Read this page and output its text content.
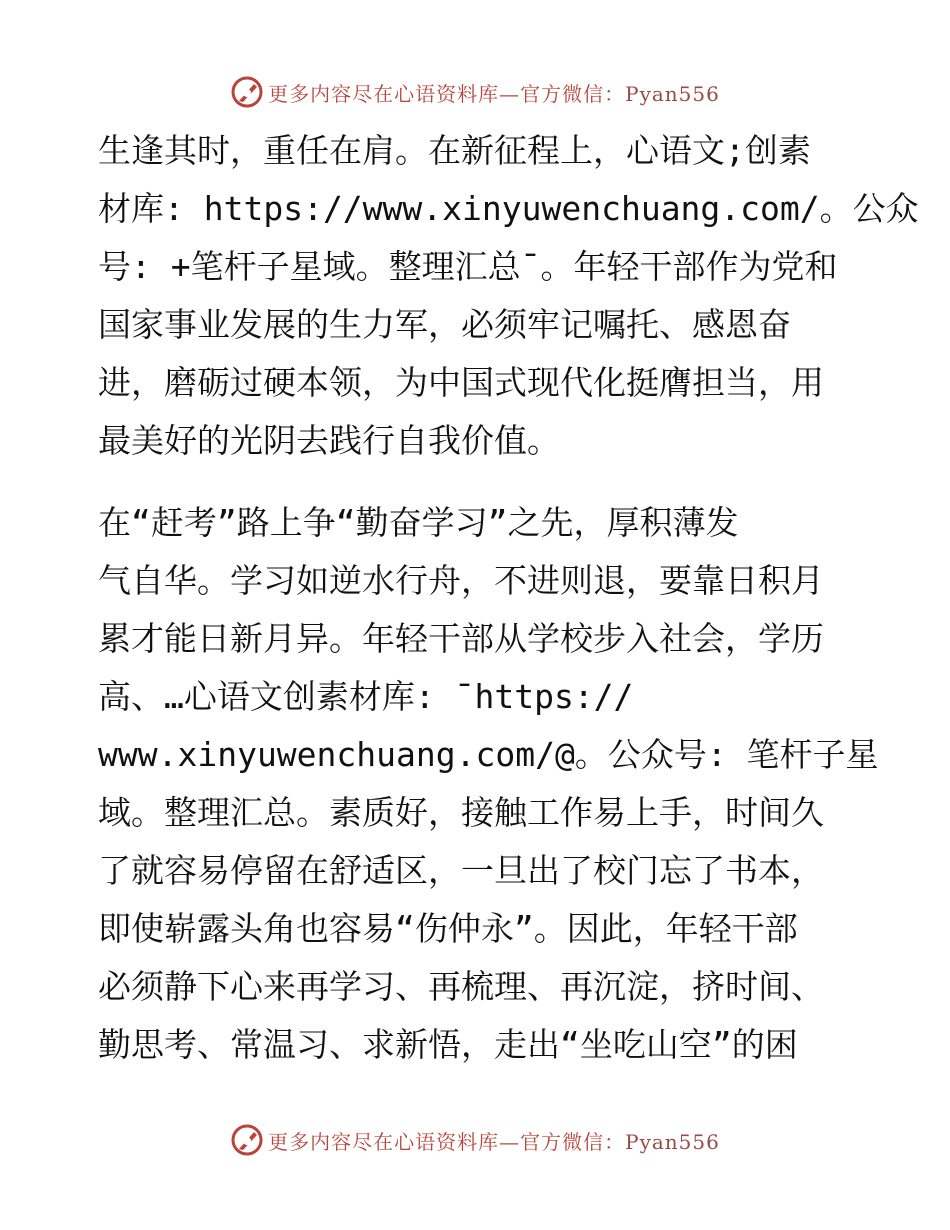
更多内容尽在心语资料库—官方微信：Pyan556

生逢其时，重任在肩。在新征程上，心语文;创素
材库: https://www.xinyuwenchuang.com/。公众
号: +笔杆子星域。整理汇总¯。年轻干部作为党和
国家事业发展的生力军，必须牢记嘱托、感恩奋
进，磨砺过硬本领，为中国式现代化挺膺担当，用
最美好的光阴去践行自我价值。

在“赶考”路上争“勤奋学习”之先，厚积薄发
气自华。学习如逆水行舟，不进则退，要靠日积月
累才能日新月异。年轻干部从学校步入社会，学历
高、…心语文创素材库: ¯https://
www.xinyuwenchuang.com/@。公众号: 笔杆子星
域。整理汇总。素质好，接触工作易上手，时间久
了就容易停留在舒适区，一旦出了校门忘了书本，
即使崭露头角也容易“伤仲永”。因此，年轻干部
必须静下心来再学习、再梳理、再沉淀，挤时间、
勤思考、常温习、求新悟，走出“坐吃山空”的困

更多内容尽在心语资料库—官方微信：Pyan556
